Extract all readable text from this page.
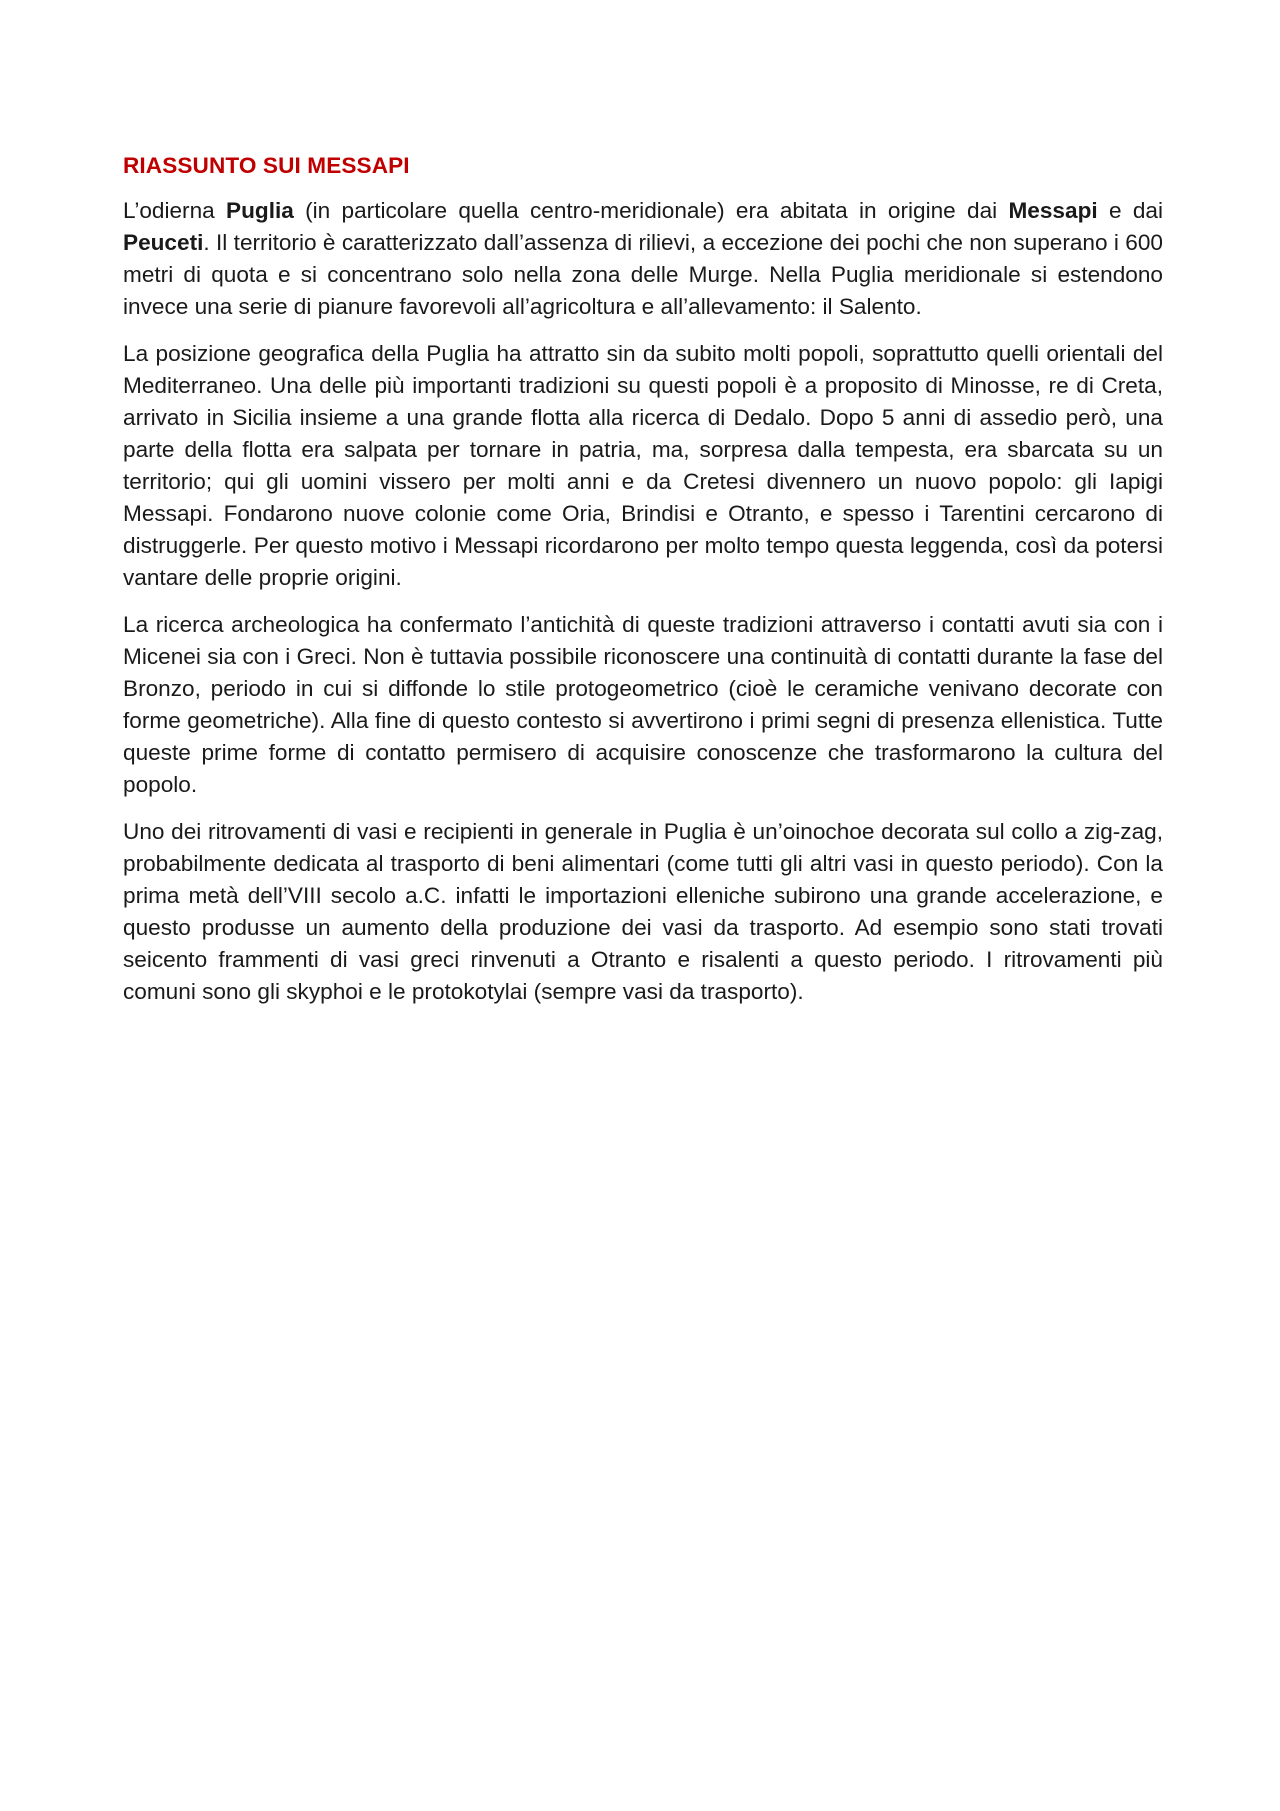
RIASSUNTO SUI MESSAPI

L’odierna Puglia (in particolare quella centro-meridionale) era abitata in origine dai Messapi e dai Peuceti. Il territorio è caratterizzato dall’assenza di rilievi, a eccezione dei pochi che non superano i 600 metri di quota e si concentrano solo nella zona delle Murge. Nella Puglia meridionale si estendono invece una serie di pianure favorevoli all’agricoltura e all’allevamento: il Salento.

La posizione geografica della Puglia ha attratto sin da subito molti popoli, soprattutto quelli orientali del Mediterraneo. Una delle più importanti tradizioni su questi popoli è a proposito di Minosse, re di Creta, arrivato in Sicilia insieme a una grande flotta alla ricerca di Dedalo. Dopo 5 anni di assedio però, una parte della flotta era salpata per tornare in patria, ma, sorpresa dalla tempesta, era sbarcata su un territorio; qui gli uomini vissero per molti anni e da Cretesi divennero un nuovo popolo: gli Iapigi Messapi. Fondarono nuove colonie come Oria, Brindisi e Otranto, e spesso i Tarentini cercarono di distruggerle. Per questo motivo i Messapi ricordarono per molto tempo questa leggenda, così da potersi vantare delle proprie origini.

La ricerca archeologica ha confermato l’antichità di queste tradizioni attraverso i contatti avuti sia con i Micenei sia con i Greci. Non è tuttavia possibile riconoscere una continuità di contatti durante la fase del Bronzo, periodo in cui si diffonde lo stile protogeometrico (cioè le ceramiche venivano decorate con forme geometriche). Alla fine di questo contesto si avvertirono i primi segni di presenza ellenistica. Tutte queste prime forme di contatto permisero di acquisire conoscenze che trasformarono la cultura del popolo.

Uno dei ritrovamenti di vasi e recipienti in generale in Puglia è un’oinochoe decorata sul collo a zig-zag, probabilmente dedicata al trasporto di beni alimentari (come tutti gli altri vasi in questo periodo). Con la prima metà dell’VIII secolo a.C. infatti le importazioni elleniche subirono una grande accelerazione, e questo produsse un aumento della produzione dei vasi da trasporto. Ad esempio sono stati trovati seicento frammenti di vasi greci rinvenuti a Otranto e risalenti a questo periodo. I ritrovamenti più comuni sono gli skyphoi e le protokotylai (sempre vasi da trasporto).
